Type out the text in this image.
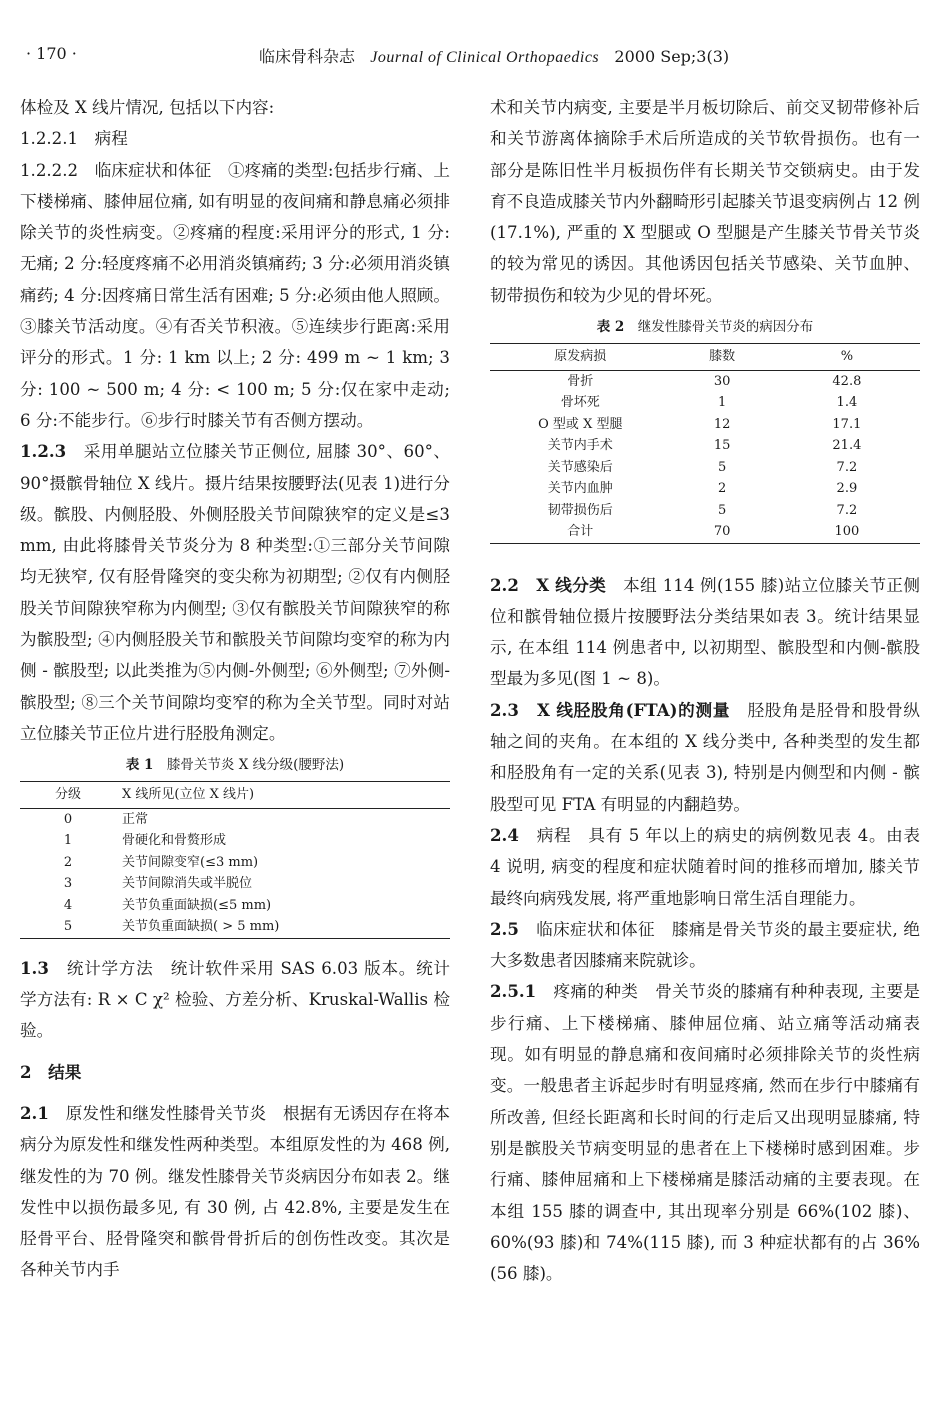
· 170 ·	临床骨科杂志 Journal of Clinical Orthopaedics 2000 Sep;3(3)

体检及 X 线片情况, 包括以下内容:

1.2.2.1　病程

1.2.2.2　临床症状和体征　①疼痛的类型:包括步行痛、上下楼梯痛、膝伸屈位痛, 如有明显的夜间痛和静息痛必须排除关节的炎性病变。②疼痛的程度:采用评分的形式, 1 分:无痛; 2 分:轻度疼痛不必用消炎镇痛药; 3 分:必须用消炎镇痛药; 4 分:因疼痛日常生活有困难; 5 分:必须由他人照顾。③膝关节活动度。④有否关节积液。⑤连续步行距离:采用评分的形式。1 分: 1 km 以上; 2 分: 499 m ~ 1 km; 3 分: 100 ~ 500 m; 4 分: < 100 m; 5 分:仅在家中走动; 6 分:不能步行。⑥步行时膝关节有否侧方摆动。

1.2.3　采用单腿站立位膝关节正侧位, 屈膝 30°、60°、90°摄髌骨轴位 X 线片。摄片结果按腰野法(见表 1)进行分级。髌股、内侧胫股、外侧胫股关节间隙狭窄的定义是≤3 mm, 由此将膝骨关节炎分为 8 种类型:①三部分关节间隙均无狭窄, 仅有胫骨隆突的变尖称为初期型; ②仅有内侧胫股关节间隙狭窄称为内侧型; ③仅有髌股关节间隙狭窄的称为髌股型; ④内侧胫股关节和髌股关节间隙均变窄的称为内侧 - 髌股型; 以此类推为⑤内侧-外侧型; ⑥外侧型; ⑦外侧-髌股型; ⑧三个关节间隙均变窄的称为全关节型。同时对站立位膝关节正位片进行胫股角测定。

表 1　膝骨关节炎 X 线分级(腰野法)
分级	X 线所见(立位 X 线片)
0	正常
1	骨硬化和骨赘形成
2	关节间隙变窄(≤3 mm)
3	关节间隙消失或半脱位
4	关节负重面缺损(≤5 mm)
5	关节负重面缺损( > 5 mm)

1.3　统计学方法　统计软件采用 SAS 6.03 版本。统计学方法有: R × C χ² 检验、方差分析、Kruskal-Wallis 检验。

2　结果

2.1　原发性和继发性膝骨关节炎　根据有无诱因存在将本病分为原发性和继发性两种类型。本组原发性的为 468 例, 继发性的为 70 例。继发性膝骨关节炎病因分布如表 2。继发性中以损伤最多见, 有 30 例, 占 42.8%, 主要是发生在胫骨平台、胫骨隆突和髌骨骨折后的创伤性改变。其次是各种关节内手

术和关节内病变, 主要是半月板切除后、前交叉韧带修补后和关节游离体摘除手术后所造成的关节软骨损伤。也有一部分是陈旧性半月板损伤伴有长期关节交锁病史。由于发育不良造成膝关节内外翻畸形引起膝关节退变病例占 12 例(17.1%), 严重的 X 型腿或 O 型腿是产生膝关节骨关节炎的较为常见的诱因。其他诱因包括关节感染、关节血肿、韧带损伤和较为少见的骨坏死。

表 2　继发性膝骨关节炎的病因分布
原发病损	膝数	%
骨折	30	42.8
骨坏死	1	1.4
O 型或 X 型腿	12	17.1
关节内手术	15	21.4
关节感染后	5	7.2
关节内血肿	2	2.9
韧带损伤后	5	7.2
合计	70	100

2.2　 X 线分类　本组 114 例(155 膝)站立位膝关节正侧位和髌骨轴位摄片按腰野法分类结果如表 3。统计结果显示, 在本组 114 例患者中, 以初期型、髌股型和内侧-髌股型最为多见(图 1 ~ 8)。

2.3　 X 线胫股角(FTA)的测量　胫股角是胫骨和股骨纵轴之间的夹角。在本组的 X 线分类中, 各种类型的发生都和胫股角有一定的关系(见表 3), 特别是内侧型和内侧 - 髌股型可见 FTA 有明显的内翻趋势。

2.4　病程　具有 5 年以上的病史的病例数见表 4。由表 4 说明, 病变的程度和症状随着时间的推移而增加, 膝关节最终向病残发展, 将严重地影响日常生活自理能力。

2.5　临床症状和体征　膝痛是骨关节炎的最主要症状, 绝大多数患者因膝痛来院就诊。

2.5.1　疼痛的种类　骨关节炎的膝痛有种种表现, 主要是步行痛、上下楼梯痛、膝伸屈位痛、站立痛等活动痛表现。如有明显的静息痛和夜间痛时必须排除关节的炎性病变。一般患者主诉起步时有明显疼痛, 然而在步行中膝痛有所改善, 但经长距离和长时间的行走后又出现明显膝痛, 特别是髌股关节病变明显的患者在上下楼梯时感到困难。步行痛、膝伸屈痛和上下楼梯痛是膝活动痛的主要表现。在本组 155 膝的调查中, 其出现率分别是 66%(102 膝)、60%(93 膝)和 74%(115 膝), 而 3 种症状都有的占 36%(56 膝)。
